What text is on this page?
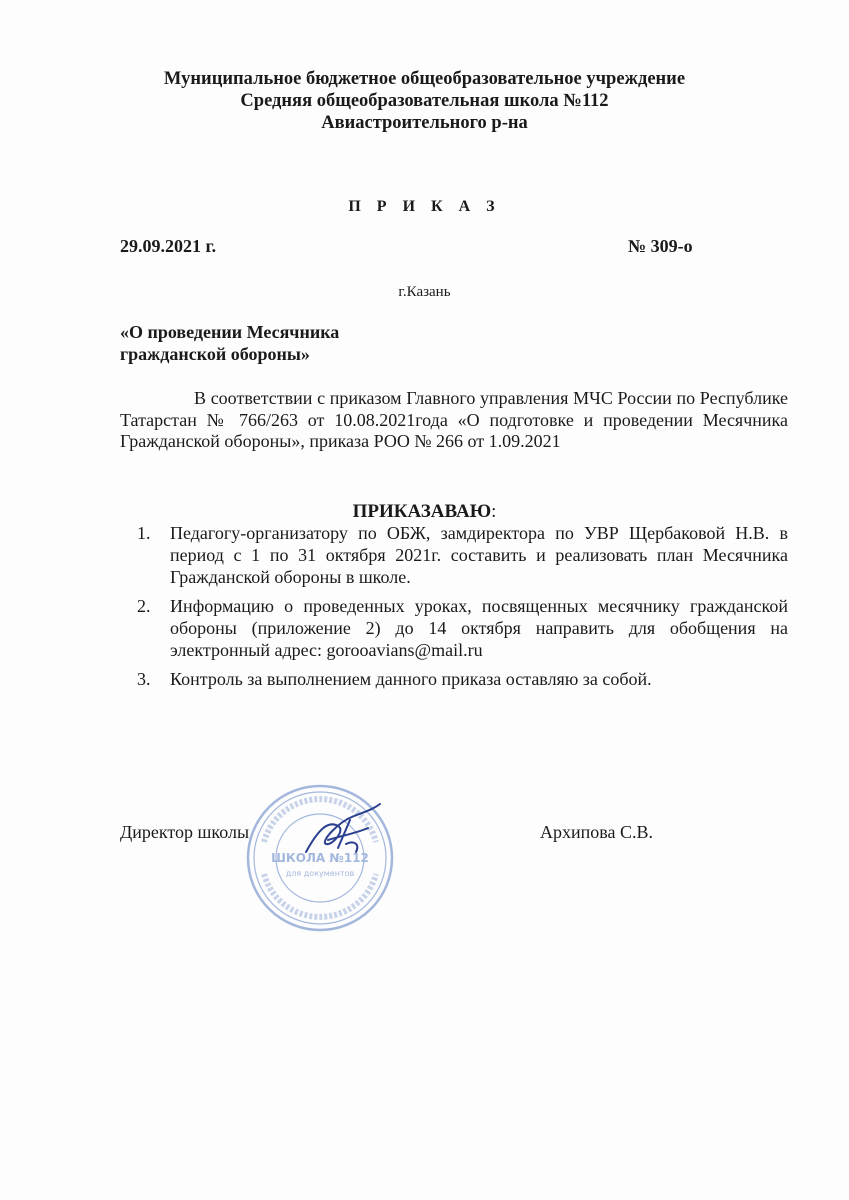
Муниципальное бюджетное общеобразовательное учреждение
Средняя общеобразовательная школа №112
Авиастроительного р-на
П Р И К А З
29.09.2021 г.	№ 309-о
г.Казань
«О проведении Месячника
гражданской обороны»
В соответствии с приказом Главного управления МЧС России по Республике Татарстан № 766/263 от 10.08.2021года «О подготовке и проведении Месячника Гражданской обороны», приказа РОО № 266 от 1.09.2021
ПРИКАЗАВАЮ:
1. Педагогу-организатору по ОБЖ, замдиректора по УВР Щербаковой Н.В. в период с 1 по 31 октября 2021г. составить и реализовать план Месячника Гражданской обороны в школе.
2. Информацию о проведенных уроках, посвященных месячнику гражданской обороны (приложение 2) до 14 октября направить для обобщения на электронный адрес: gorooavians@mail.ru
3. Контроль за выполнением данного приказа оставляю за собой.
ШКОЛА №112
для документов
Директор школы	Архипова С.В.
